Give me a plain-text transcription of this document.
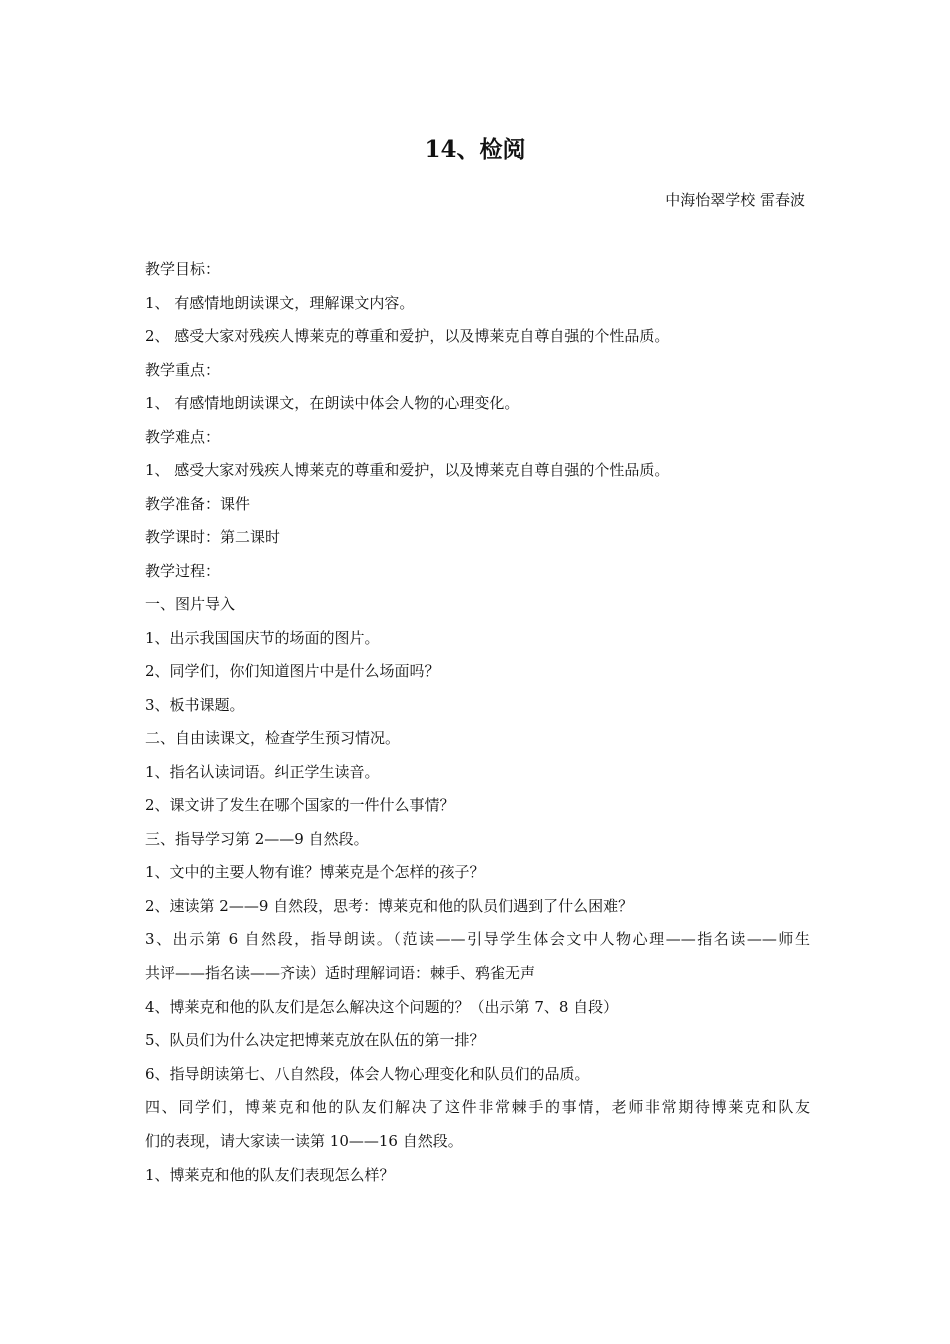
14、检阅
中海怡翠学校 雷春波
教学目标：
1、 有感情地朗读课文，理解课文内容。
2、 感受大家对残疾人博莱克的尊重和爱护，以及博莱克自尊自强的个性品质。
教学重点：
1、 有感情地朗读课文，在朗读中体会人物的心理变化。
教学难点：
1、 感受大家对残疾人博莱克的尊重和爱护，以及博莱克自尊自强的个性品质。
教学准备：课件
教学课时：第二课时
教学过程：
一、图片导入
1、出示我国国庆节的场面的图片。
2、同学们，你们知道图片中是什么场面吗？
3、板书课题。
二、自由读课文，检查学生预习情况。
1、指名认读词语。纠正学生读音。
2、课文讲了发生在哪个国家的一件什么事情？
三、指导学习第 2——9 自然段。
1、文中的主要人物有谁？博莱克是个怎样的孩子？
2、速读第 2——9 自然段，思考：博莱克和他的队员们遇到了什么困难？
3、出示第 6 自然段，指导朗读。（范读——引导学生体会文中人物心理——指名读——师生
共评——指名读——齐读）适时理解词语：棘手、鸦雀无声
4、博莱克和他的队友们是怎么解决这个问题的？（出示第 7、8 自段）
5、队员们为什么决定把博莱克放在队伍的第一排？
6、指导朗读第七、八自然段，体会人物心理变化和队员们的品质。
四、同学们，博莱克和他的队友们解决了这件非常棘手的事情，老师非常期待博莱克和队友
们的表现，请大家读一读第 10——16 自然段。
1、博莱克和他的队友们表现怎么样？
